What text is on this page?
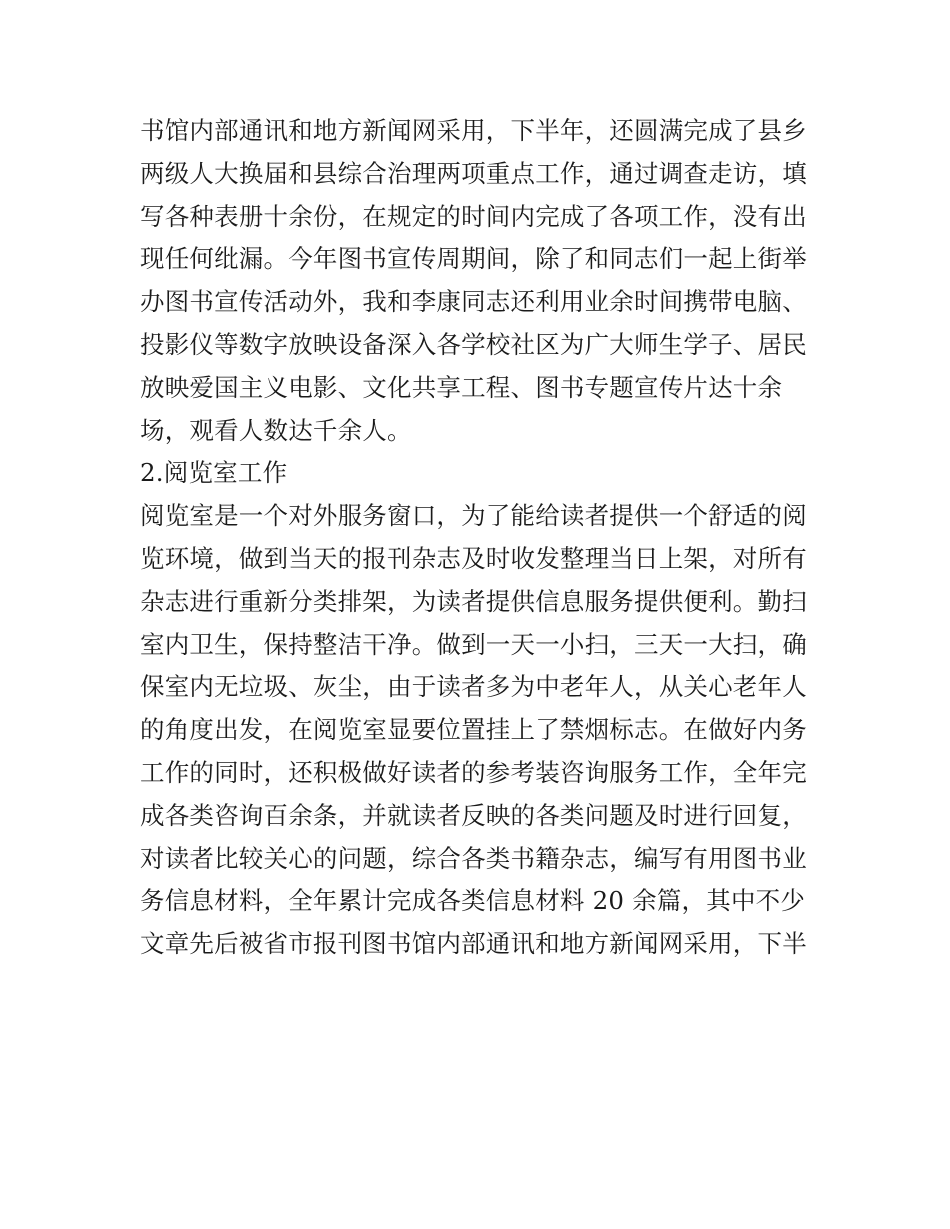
书馆内部通讯和地方新闻网采用，下半年，还圆满完成了县乡
两级人大换届和县综合治理两项重点工作，通过调查走访，填
写各种表册十余份，在规定的时间内完成了各项工作，没有出
现任何纰漏。今年图书宣传周期间，除了和同志们一起上街举
办图书宣传活动外，我和李康同志还利用业余时间携带电脑、
投影仪等数字放映设备深入各学校社区为广大师生学子、居民
放映爱国主义电影、文化共享工程、图书专题宣传片达十余
场，观看人数达千余人。
2.阅览室工作
阅览室是一个对外服务窗口，为了能给读者提供一个舒适的阅
览环境，做到当天的报刊杂志及时收发整理当日上架，对所有
杂志进行重新分类排架，为读者提供信息服务提供便利。勤扫
室内卫生，保持整洁干净。做到一天一小扫，三天一大扫，确
保室内无垃圾、灰尘，由于读者多为中老年人，从关心老年人
的角度出发，在阅览室显要位置挂上了禁烟标志。在做好内务
工作的同时，还积极做好读者的参考装咨询服务工作，全年完
成各类咨询百余条，并就读者反映的各类问题及时进行回复，
对读者比较关心的问题，综合各类书籍杂志，编写有用图书业
务信息材料，全年累计完成各类信息材料 20 余篇，其中不少
文章先后被省市报刊图书馆内部通讯和地方新闻网采用，下半
